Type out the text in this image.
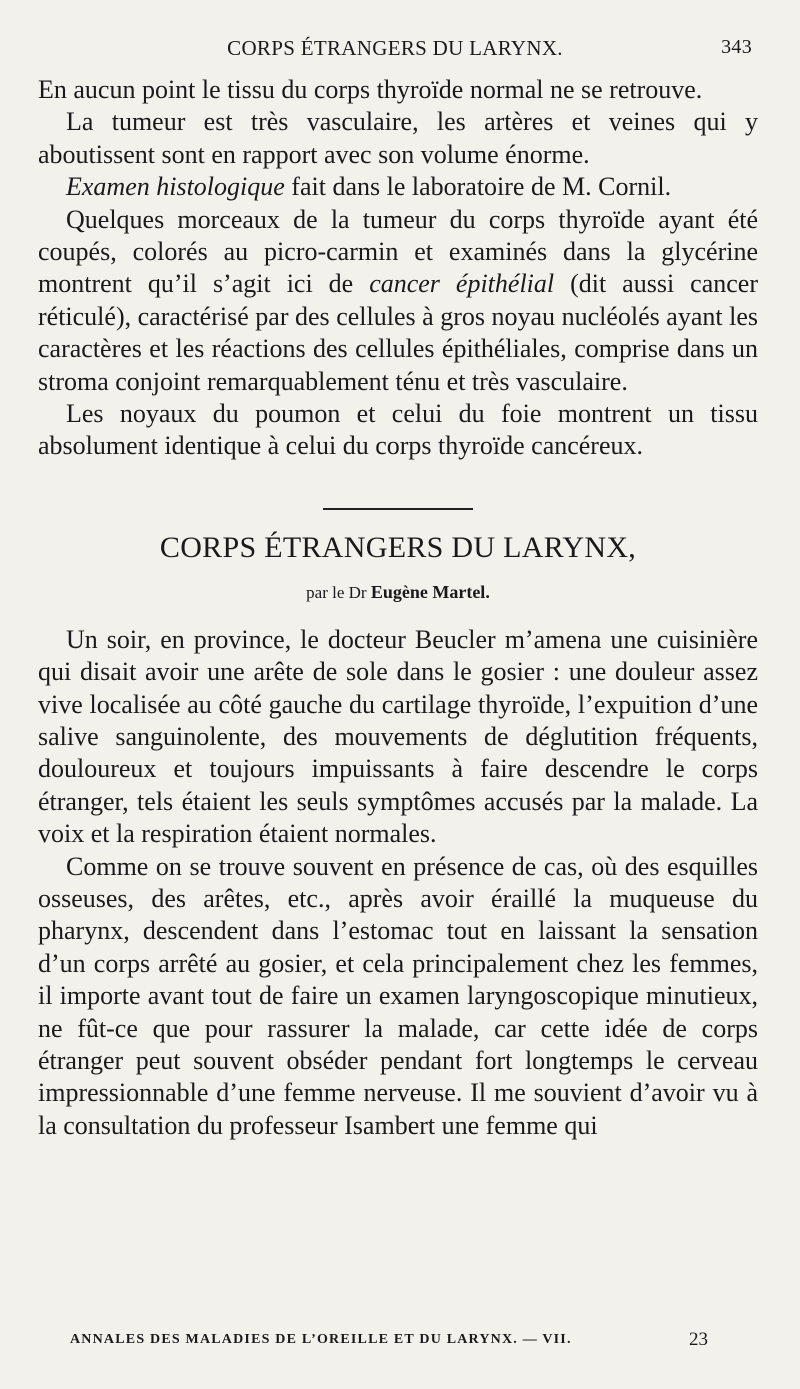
CORPS ÉTRANGERS DU LARYNX.	343

En aucun point le tissu du corps thyroïde normal ne se retrouve.

La tumeur est très vasculaire, les artères et veines qui y aboutissent sont en rapport avec son volume énorme.

Examen histologique fait dans le laboratoire de M. Cornil.

Quelques morceaux de la tumeur du corps thyroïde ayant été coupés, colorés au picro-carmin et examinés dans la glycérine montrent qu’il s’agit ici de cancer épithélial (dit aussi cancer réticulé), caractérisé par des cellules à gros noyau nucléolés ayant les caractères et les réactions des cellules épithéliales, comprise dans un stroma conjoint remarquablement ténu et très vasculaire.

Les noyaux du poumon et celui du foie montrent un tissu absolument identique à celui du corps thyroïde cancéreux.

CORPS ÉTRANGERS DU LARYNX,
par le Dr Eugène Martel.

Un soir, en province, le docteur Beucler m’amena une cuisinière qui disait avoir une arête de sole dans le gosier : une douleur assez vive localisée au côté gauche du cartilage thyroïde, l’expuition d’une salive sanguinolente, des mouvements de déglutition fréquents, douloureux et toujours impuissants à faire descendre le corps étranger, tels étaient les seuls symptômes accusés par la malade. La voix et la respiration étaient normales.

Comme on se trouve souvent en présence de cas, où des esquilles osseuses, des arêtes, etc., après avoir éraillé la muqueuse du pharynx, descendent dans l’estomac tout en laissant la sensation d’un corps arrêté au gosier, et cela principalement chez les femmes, il importe avant tout de faire un examen laryngoscopique minutieux, ne fût-ce que pour rassurer la malade, car cette idée de corps étranger peut souvent obséder pendant fort longtemps le cerveau impressionnable d’une femme nerveuse. Il me souvient d’avoir vu à la consultation du professeur Isambert une femme qui

ANNALES DES MALADIES DE L’OREILLE ET DU LARYNX. — VII.	23
